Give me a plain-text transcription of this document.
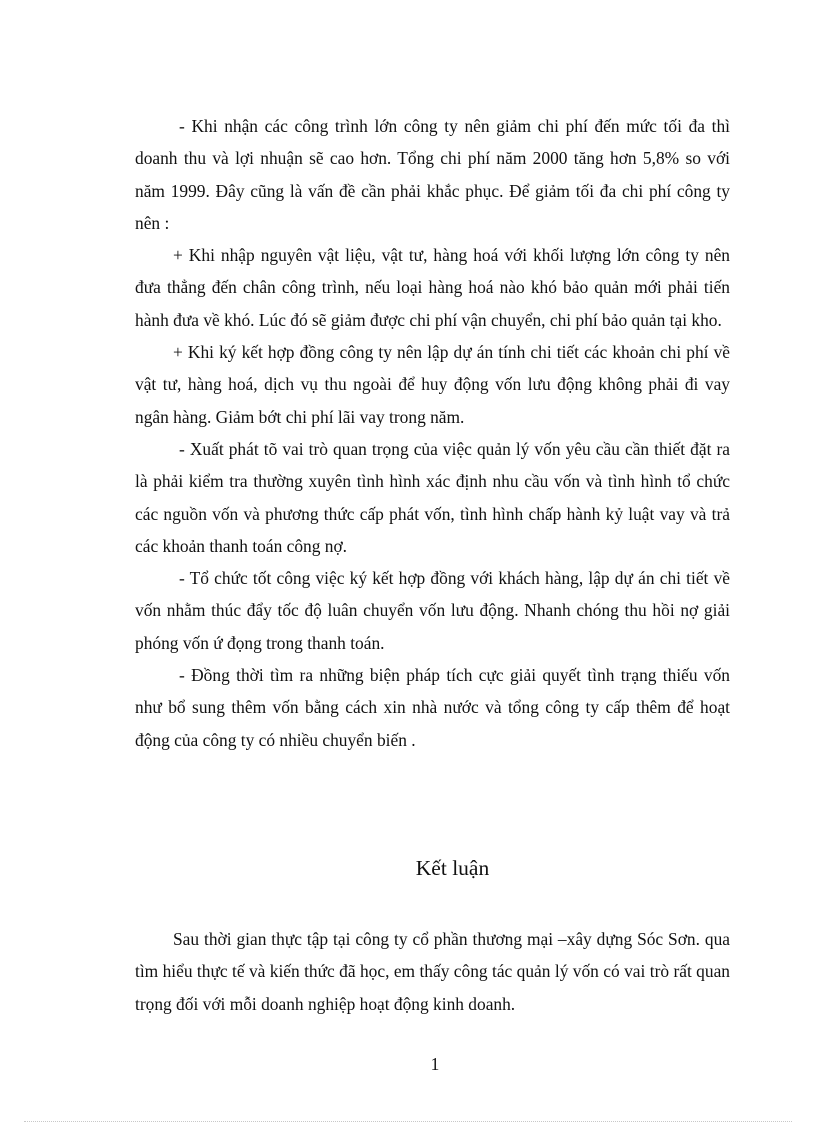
- Khi nhận các công trình lớn công ty nên giảm chi phí đến mức tối đa thì doanh thu và lợi nhuận sẽ cao hơn. Tổng chi phí năm 2000 tăng hơn 5,8% so với năm 1999. Đây cũng là vấn đề cần phải khắc phục. Để giảm tối đa chi phí công ty nên :

+ Khi nhập nguyên vật liệu, vật tư, hàng hoá với khối lượng lớn công ty nên đưa thẳng đến chân công trình, nếu loại hàng hoá nào khó bảo quản mới phải tiến hành đưa về khó. Lúc đó sẽ giảm được chi phí vận chuyển, chi phí bảo quản tại kho.

+ Khi ký kết hợp đồng công ty nên lập dự án tính chi tiết các khoản chi phí về vật tư, hàng hoá, dịch vụ thu ngoài để huy động vốn lưu động không phải đi vay ngân hàng. Giảm bớt chi phí lãi vay trong năm.

- Xuất phát tõ vai trò quan trọng của việc quản lý vốn yêu cầu cần thiết đặt ra là phải kiểm tra thường xuyên tình hình xác định nhu cầu vốn và tình hình tổ chức các nguồn vốn và phương thức cấp phát vốn, tình hình chấp hành kỷ luật vay và trả các khoản thanh toán công nợ.

- Tổ chức tốt công việc ký kết hợp đồng với khách hàng, lập dự án chi tiết về vốn nhằm thúc đẩy tốc độ luân chuyển vốn lưu động. Nhanh chóng thu hồi nợ giải phóng vốn ứ đọng trong thanh toán.

- Đồng thời tìm ra những biện pháp tích cực giải quyết tình trạng thiếu vốn như bổ sung thêm vốn bằng cách xin nhà nước và tổng công ty cấp thêm để hoạt động của công ty có nhiều chuyển biến .

Kết luận

Sau thời gian thực tập tại công ty cổ phần thương mại –xây dựng Sóc Sơn. qua tìm hiểu thực tế và kiến thức đã học, em thấy công tác quản lý vốn có vai trò rất quan trọng đối với mỗi doanh nghiệp hoạt động kinh doanh.

1
